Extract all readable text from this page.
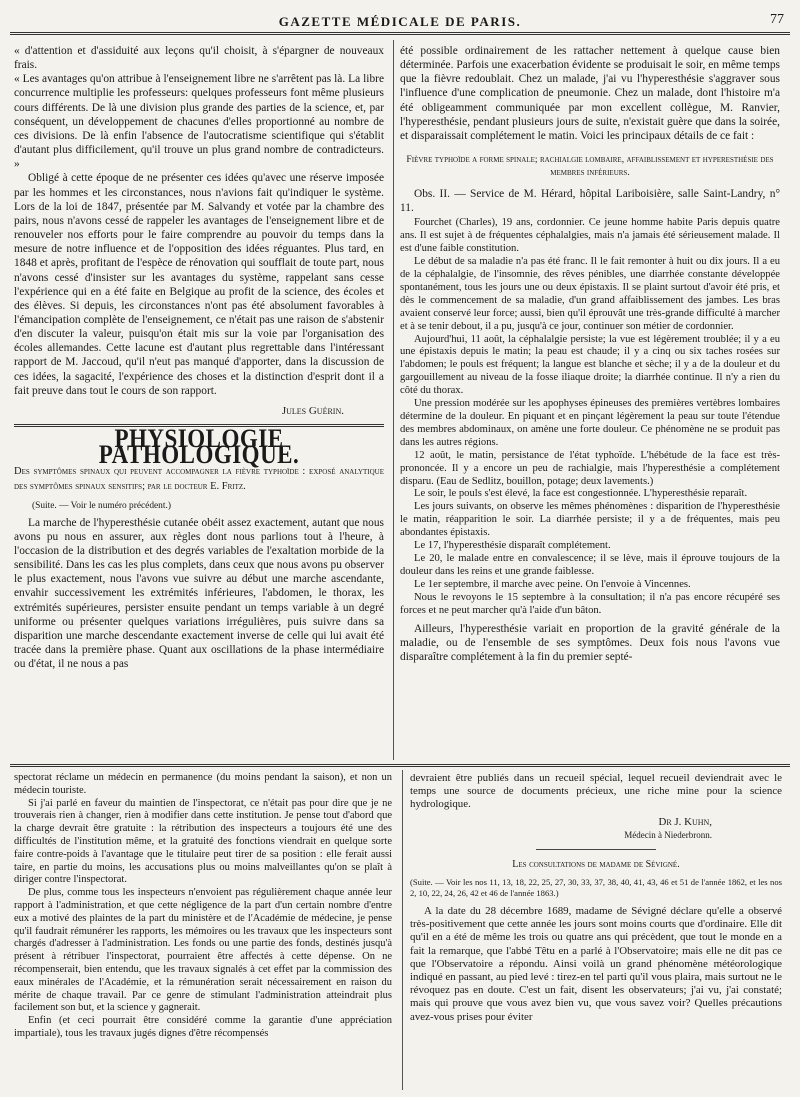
GAZETTE MÉDICALE DE PARIS.	77

« d'attention et d'assiduité aux leçons qu'il choisit, à s'épargner de nouveaux frais.

« Les avantages qu'on attribue à l'enseignement libre ne s'arrêtent pas là. La libre concurrence multiplie les professeurs: quelques professeurs font même plusieurs cours différents. De là une division plus grande des parties de la science, et, par conséquent, un développement de chacunes d'elles proportionné au nombre de ces divisions. De là enfin l'absence de l'autocratisme scientifique qui s'établit d'autant plus difficilement, qu'il trouve un plus grand nombre de contradicteurs. »

Obligé à cette époque de ne présenter ces idées qu'avec une réserve imposée par les hommes et les circonstances, nous n'avions fait qu'indiquer le système. Lors de la loi de 1847, présentée par M. Salvandy et votée par la chambre des pairs, nous n'avons cessé de rappeler les avantages de l'enseignement libre et de renouveler nos efforts pour le faire comprendre au pouvoir du temps dans la mesure de notre influence et de l'opposition des idées réguantes. Plus tard, en 1848 et après, profitant de l'espèce de rénovation qui soufflait de toute part, nous n'avons cessé d'insister sur les avantages du système, rappelant sans cesse l'expérience qui en a été faite en Belgique au profit de la science, des écoles et des élèves. Si depuis, les circonstances n'ont pas été absolument favorables à l'émancipation complète de l'enseignement, ce n'était pas une raison de s'abstenir d'en discuter la valeur, puisqu'on était mis sur la voie par l'organisation des écoles allemandes. Cette lacune est d'autant plus regrettable dans l'intéressant rapport de M. Jaccoud, qu'il n'eut pas manqué d'apporter, dans la discussion de ces idées, la sagacité, l'expérience des choses et la distinction d'esprit dont il a fait preuve dans tout le cours de son rapport.

Jules Guérin.
PHYSIOLOGIE PATHOLOGIQUE.

Des symptômes spinaux qui peuvent accompagner la fièvre typhoïde : exposé analytique des symptômes spinaux sensitifs; par le docteur E. Fritz.

(Suite. — Voir le numéro précédent.)

La marche de l'hyperesthésie cutanée obéit assez exactement, autant que nous avons pu nous en assurer, aux règles dont nous parlions tout à l'heure, à l'occasion de la distribution et des degrés variables de l'exaltation morbide de la sensibilité. Dans les cas les plus complets, dans ceux que nous avons pu observer le plus exactement, nous l'avons vue suivre au début une marche ascendante, envahir successivement les extrémités inférieures, l'abdomen, le thorax, les extrémités supérieures, persister ensuite pendant un temps variable à un degré uniforme ou présenter quelques variations irrégulières, puis suivre dans sa disparition une marche descendante exactement inverse de celle qui lui avait été tracée dans la première phase. Quant aux oscillations de la phase intermédiaire ou d'état, il ne nous a pas

été possible ordinairement de les rattacher nettement à quelque cause bien déterminée. Parfois une exacerbation évidente se produisait le soir, en même temps que la fièvre redoublait. Chez un malade, j'ai vu l'hyperesthésie s'aggraver sous l'influence d'une complication de pneumonie. Chez un malade, dont l'histoire m'a été obligeamment communiquée par mon excellent collègue, M. Ranvier, l'hyperesthésie, pendant plusieurs jours de suite, n'existait guère que dans la soirée, et disparaissait complétement le matin. Voici les principaux détails de ce fait :

Fièvre typhoïde a forme spinale; rachialgie lombaire, affaiblissement et hyperesthésie des membres inférieurs.

Obs. II. — Service de M. Hérard, hôpital Lariboisière, salle Saint-Landry, n° 11.

Fourchet (Charles), 19 ans, cordonnier. Ce jeune homme habite Paris depuis quatre ans. Il est sujet à de fréquentes céphalalgies, mais n'a jamais été sérieusement malade. Il est d'une faible constitution.

Le début de sa maladie n'a pas été franc. Il le fait remonter à huit ou dix jours. Il a eu de la céphalalgie, de l'insomnie, des rêves pénibles, une diarrhée constante développée spontanément, tous les jours une ou deux épistaxis. Il se plaint surtout d'avoir été pris, et dès le commencement de sa maladie, d'un grand affaiblissement des jambes. Les bras avaient conservé leur force; aussi, bien qu'il éprouvât une très-grande difficulté à marcher et à se tenir debout, il a pu, jusqu'à ce jour, continuer son métier de cordonnier.

Aujourd'hui, 11 août, la céphalalgie persiste; la vue est légèrement troublée; il y a eu une épistaxis depuis le matin; la peau est chaude; il y a cinq ou six taches rosées sur l'abdomen; le pouls est fréquent; la langue est blanche et sèche; il y a de la douleur et du gargouillement au niveau de la fosse iliaque droite; la diarrhée continue. Il n'y a rien du côté du thorax.

Une pression modérée sur les apophyses épineuses des premières vertèbres lombaires détermine de la douleur. En piquant et en pinçant légèrement la peau sur toute l'étendue des membres abdominaux, on amène une forte douleur. Ce phénomène ne se produit pas dans les autres régions.

12 août, le matin, persistance de l'état typhoïde. L'hébétude de la face est très-prononcée. Il y a encore un peu de rachialgie, mais l'hyperesthésie a complétement disparu. (Eau de Sedlitz, bouillon, potage; deux lavements.)

Le soir, le pouls s'est élevé, la face est congestionnée. L'hyperesthésie reparaît.

Les jours suivants, on observe les mêmes phénomènes : disparition de l'hyperesthésie le matin, réapparition le soir. La diarrhée persiste; il y a de fréquentes, mais peu abondantes épistaxis.

Le 17, l'hyperesthésie disparaît complétement.

Le 20, le malade entre en convalescence; il se lève, mais il éprouve toujours de la douleur dans les reins et une grande faiblesse.

Le 1er septembre, il marche avec peine. On l'envoie à Vincennes.

Nous le revoyons le 15 septembre à la consultation; il n'a pas encore récupéré ses forces et ne peut marcher qu'à l'aide d'un bâton.

Ailleurs, l'hyperesthésie variait en proportion de la gravité générale de la maladie, ou de l'ensemble de ses symptômes. Deux fois nous l'avons vue disparaître complétement à la fin du premier septé-

spectorat réclame un médecin en permanence (du moins pendant la saison), et non un médecin touriste.

Si j'ai parlé en faveur du maintien de l'inspectorat, ce n'était pas pour dire que je ne trouverais rien à changer, rien à modifier dans cette institution. Je pense tout d'abord que la charge devrait être gratuite : la rétribution des inspecteurs a toujours été une des difficultés de l'institution même, et la gratuité des fonctions viendrait en quelque sorte faire contre-poids à l'avantage que le titulaire peut tirer de sa position : elle ferait aussi taire, en partie du moins, les accusations plus ou moins malveillantes qu'on se plaît à diriger contre l'inspectorat.

De plus, comme tous les inspecteurs n'envoient pas régulièrement chaque année leur rapport à l'administration, et que cette négligence de la part d'un certain nombre d'entre eux a motivé des plaintes de la part du ministère et de l'Académie de médecine, je pense qu'il faudrait rémunérer les rapports, les mémoires ou les travaux que les inspecteurs sont chargés d'adresser à l'administration. Les fonds ou une partie des fonds, destinés jusqu'à présent à rétribuer l'inspectorat, pourraient être affectés à cette dépense. On ne récompenserait, bien entendu, que les travaux signalés à cet effet par la commission des eaux minérales de l'Académie, et la rémunération serait nécessairement en raison du mérite de chaque travail. Par ce genre de stimulant l'administration atteindrait plus facilement son but, et la science y gagnerait.

Enfin (et ceci pourrait être considéré comme la garantie d'une appréciation impartiale), tous les travaux jugés dignes d'être récompensés

devraient être publiés dans un recueil spécial, lequel recueil deviendrait avec le temps une source de documents précieux, une riche mine pour la science hydrologique.

Dr J. Kuhn,
Médecin à Niederbronn.

Les consultations de madame de Sévigné.

(Suite. — Voir les nos 11, 13, 18, 22, 25, 27, 30, 33, 37, 38, 40, 41, 43, 46 et 51 de l'année 1862, et les nos 2, 10, 22, 24, 26, 42 et 46 de l'année 1863.)

A la date du 28 décembre 1689, madame de Sévigné déclare qu'elle a observé très-positivement que cette année les jours sont moins courts que d'ordinaire. Elle dit qu'il en a été de même les trois ou quatre ans qui précèdent, que tout le monde en a fait la remarque, que l'abbé Têtu en a parlé à l'Observatoire; mais elle ne dit pas ce que l'Observatoire a répondu. Ainsi voilà un grand phénomène météorologique indiqué en passant, au pied levé : tirez-en tel parti qu'il vous plaira, mais surtout ne le révoquez pas en doute. C'est un fait, disent les observateurs; j'ai vu, j'ai constaté; mais qui prouve que vous avez bien vu, que vous savez voir? Quelles précautions avez-vous prises pour éviter
